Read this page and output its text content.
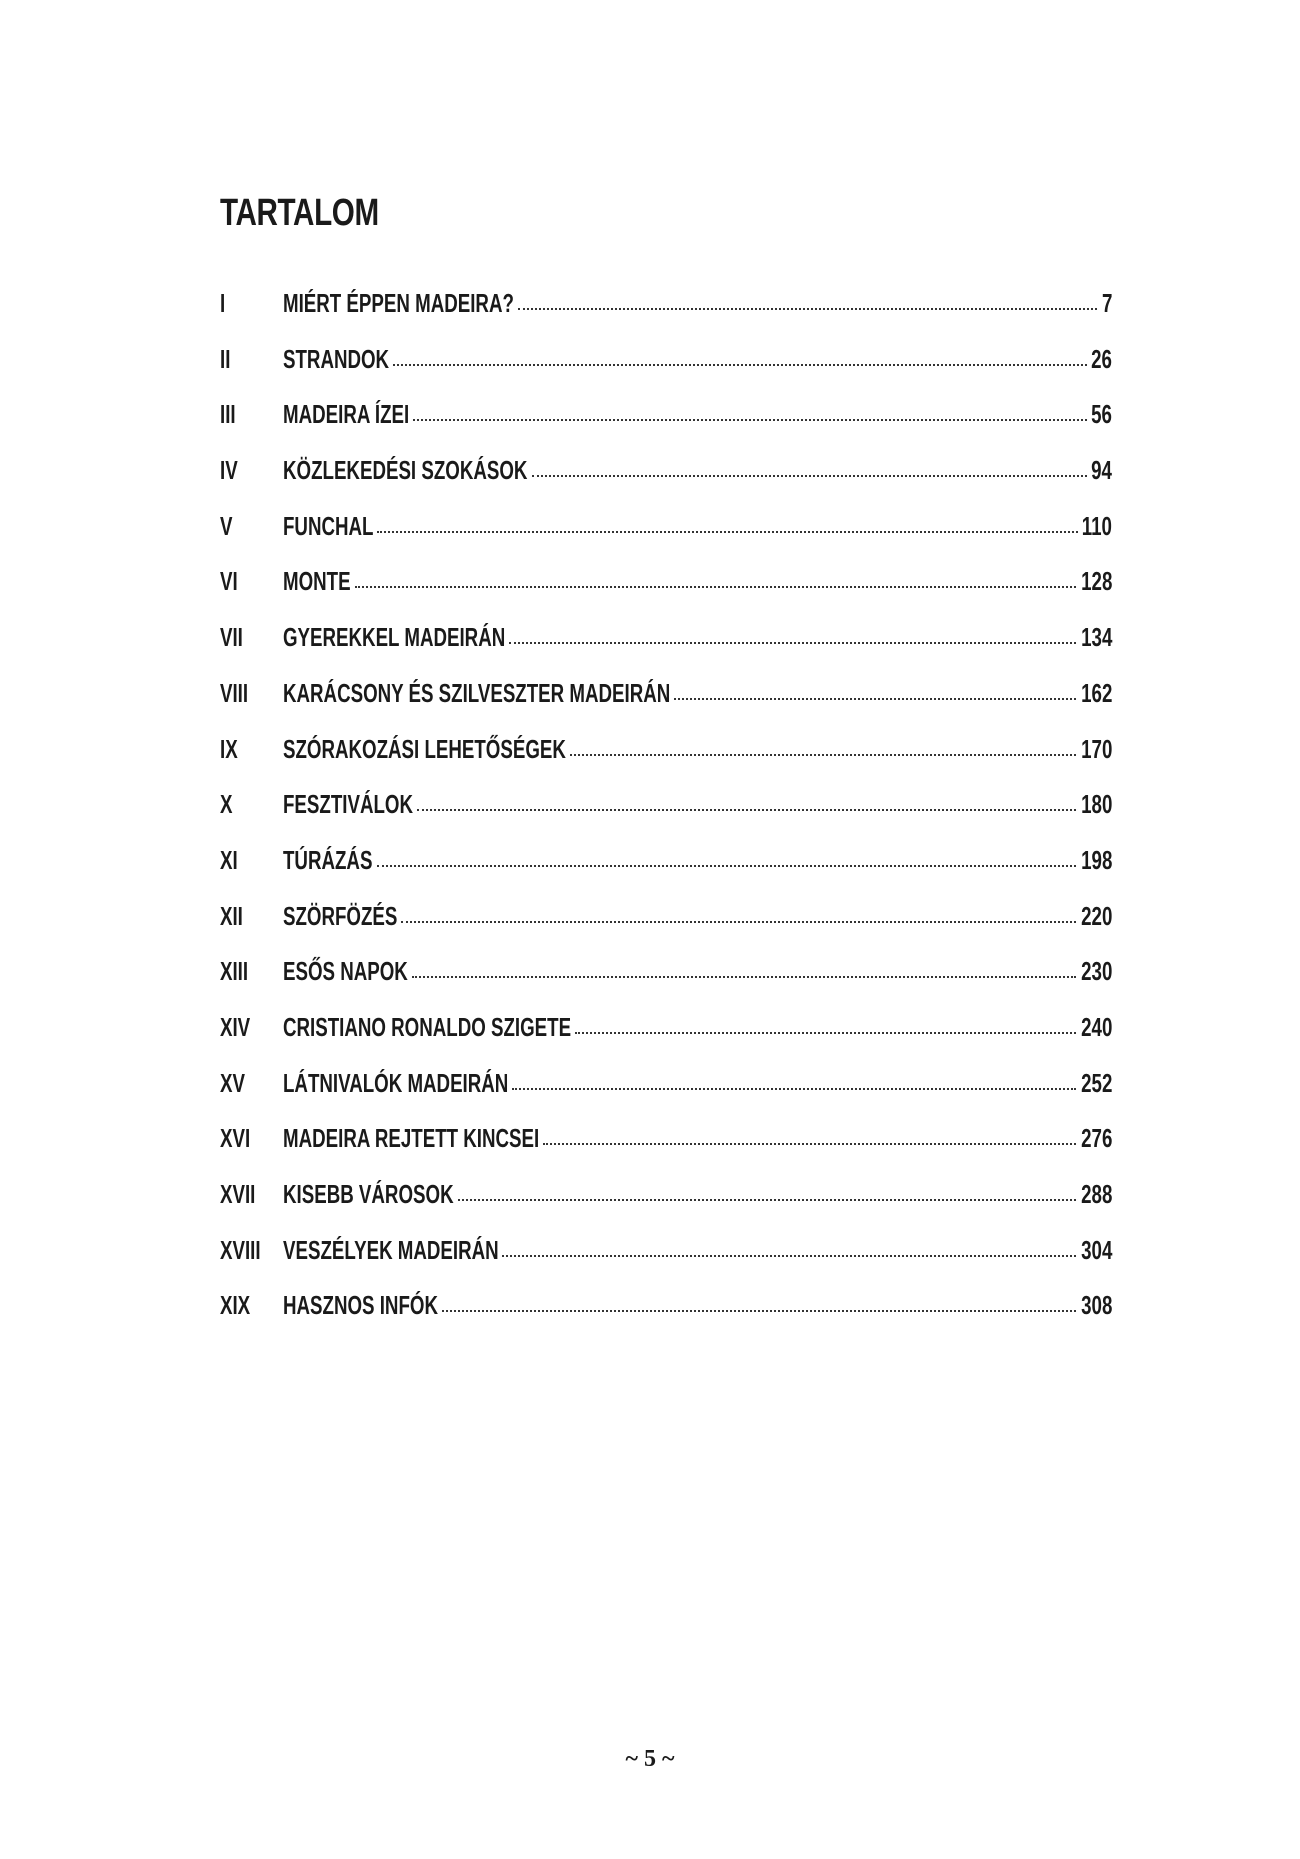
TARTALOM
I	MIÉRT ÉPPEN MADEIRA?	7
II	STRANDOK	26
III	MADEIRA ÍZEI	56
IV	KÖZLEKEDÉSI SZOKÁSOK	94
V	FUNCHAL	110
VI	MONTE	128
VII	GYEREKKEL MADEIRÁN	134
VIII	KARÁCSONY ÉS SZILVESZTER MADEIRÁN	162
IX	SZÓRAKOZÁSI LEHETŐSÉGEK	170
X	FESZTIVÁLOK	180
XI	TÚRÁZÁS	198
XII	SZÖRFÖZÉS	220
XIII	ESŐS NAPOK	230
XIV	CRISTIANO RONALDO SZIGETE	240
XV	LÁTNIVALÓK MADEIRÁN	252
XVI	MADEIRA REJTETT KINCSEI	276
XVII	KISEBB VÁROSOK	288
XVIII VESZÉLYEK MADEIRÁN	304
XIX	HASZNOS INFÓK	308
~ 5 ~
